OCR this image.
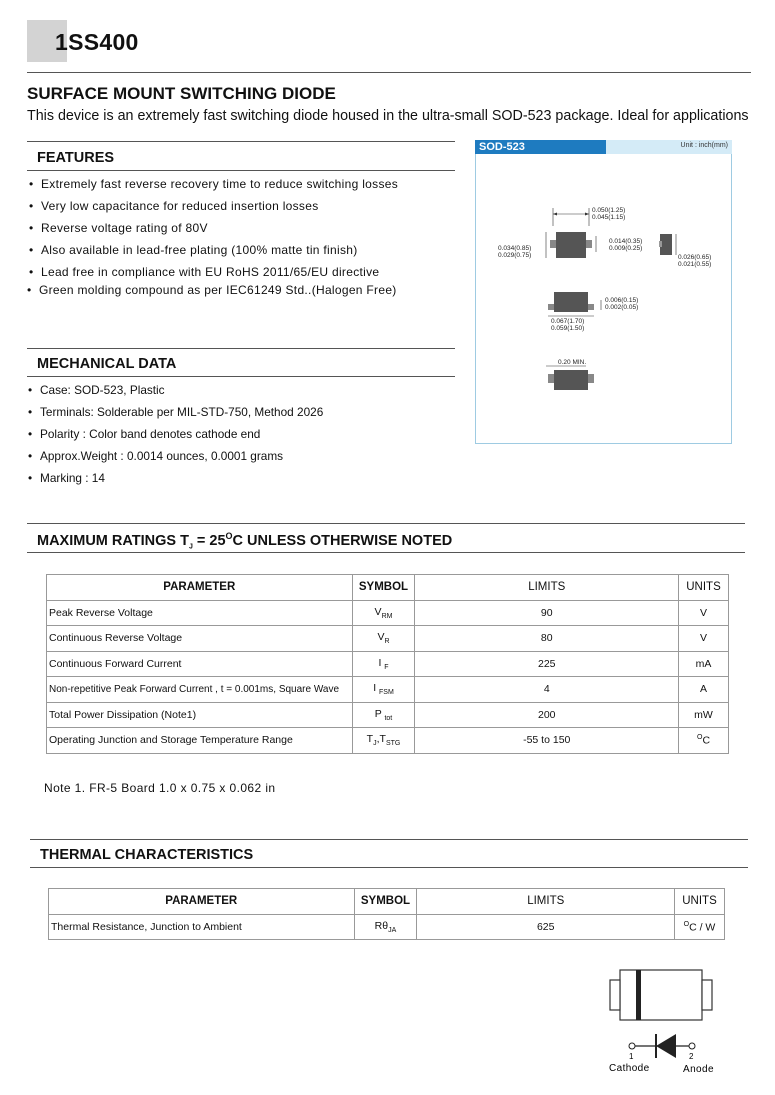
1SS400
SURFACE MOUNT SWITCHING DIODE
This device is an extremely fast switching diode housed in the ultra-small SOD-523 package. Ideal for applications
FEATURES
• Extremely fast reverse recovery time to reduce switching losses
• Very low capacitance for reduced insertion losses
• Reverse voltage rating of 80V
• Also available in lead-free plating (100% matte tin finish)
• Lead free in compliance with EU RoHS 2011/65/EU directive
• Green molding compound as per IEC61249 Std..(Halogen Free)
MECHANICAL DATA
• Case: SOD-523, Plastic
• Terminals: Solderable per MIL-STD-750, Method 2026
• Polarity : Color band denotes cathode end
• Approx.Weight : 0.0014 ounces, 0.0001 grams
• Marking : 14
SOD-523	Unit : inch(mm)
0.050(1.25)
0.045(1.15)
0.034(0.85)
0.029(0.75)
0.014(0.35)
0.009(0.25)
0.026(0.65)
0.021(0.55)
0.006(0.15)
0.002(0.05)
0.067(1.70)
0.059(1.50)
0.20 MIN.
MAXIMUM RATINGS $T_J = 25^OC$ UNLESS OTHERWISE NOTED
PARAMETER	SYMBOL	LIMITS	UNITS
Peak Reverse Voltage	$V_{RM}$	90	V
Continuous Reverse Voltage	$V_R$	80	V
Continuous Forward Current	I $_F$	225	mA
Non-repetitive Peak Forward Current , t = 0.001ms, Square Wave	I $_{FSM}$	4	A
Total Power Dissipation (Note1)	P $_{tot}$	200	mW
Operating Junction and Storage Temperature Range	$T_J,T_{STG}$	-55 to 150	$^O$C
Note 1. FR-5 Board 1.0 x 0.75 x 0.062 in
THERMAL CHARACTERISTICS
PARAMETER	SYMBOL	LIMITS	UNITS
Thermal Resistance, Junction to Ambient	$R\theta_{JA}$	625	$^O$C / W
1	2
Cathode	Anode
